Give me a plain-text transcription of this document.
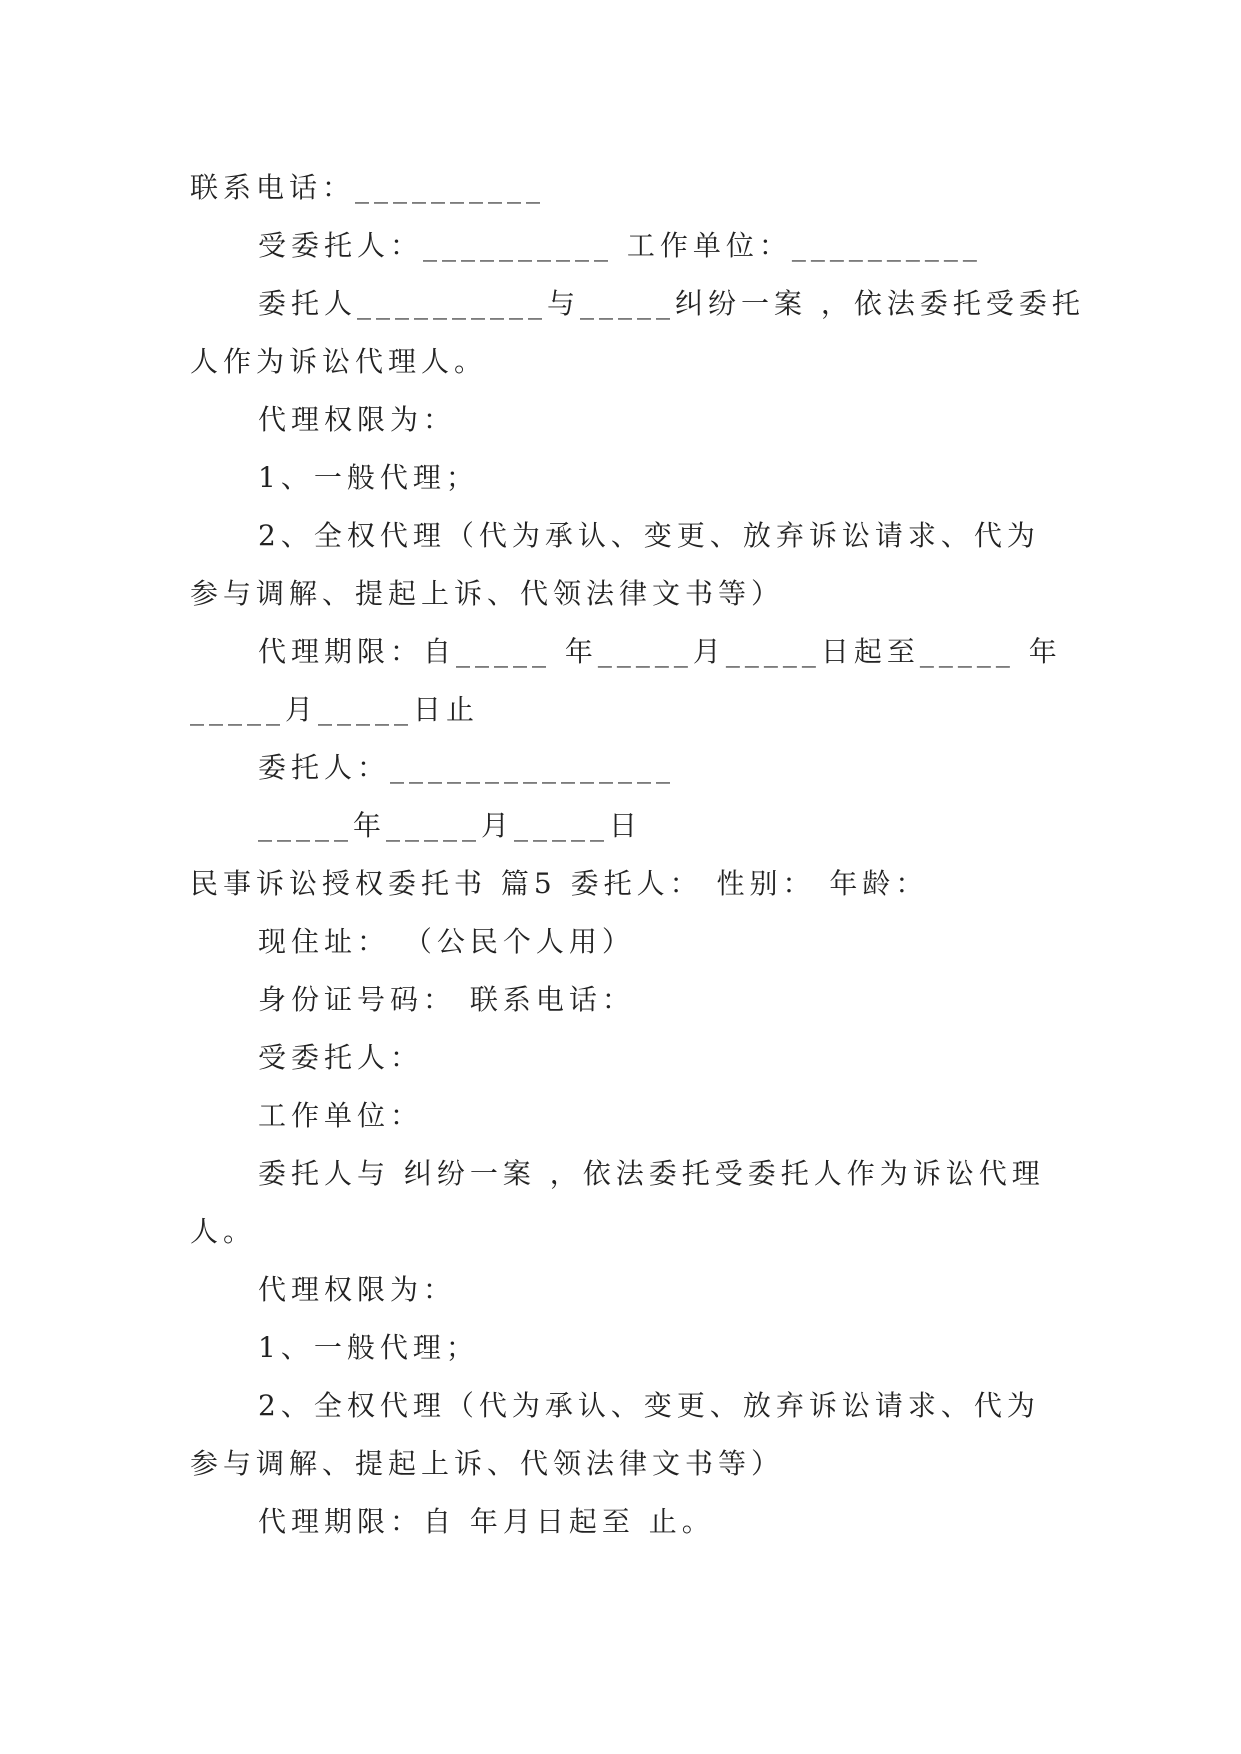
联系电话：__________
受委托人：__________ 工作单位：__________
委托人__________与_____纠纷一案 ，依法委托受委托
人作为诉讼代理人。
代理权限为：
1、一般代理；
2、全权代理（代为承认、变更、放弃诉讼请求、代为
参与调解、提起上诉、代领法律文书等）
代理期限：自_____ 年_____月_____日起至_____ 年
_____月_____日止
委托人：_______________
_____年_____月_____日
民事诉讼授权委托书 篇5 委托人： 性别： 年龄：
现住址： （公民个人用）
身份证号码： 联系电话：
受委托人：
工作单位：
委托人与 纠纷一案 ，依法委托受委托人作为诉讼代理
人。
代理权限为：
1、一般代理；
2、全权代理（代为承认、变更、放弃诉讼请求、代为
参与调解、提起上诉、代领法律文书等）
代理期限：自 年月日起至 止。
